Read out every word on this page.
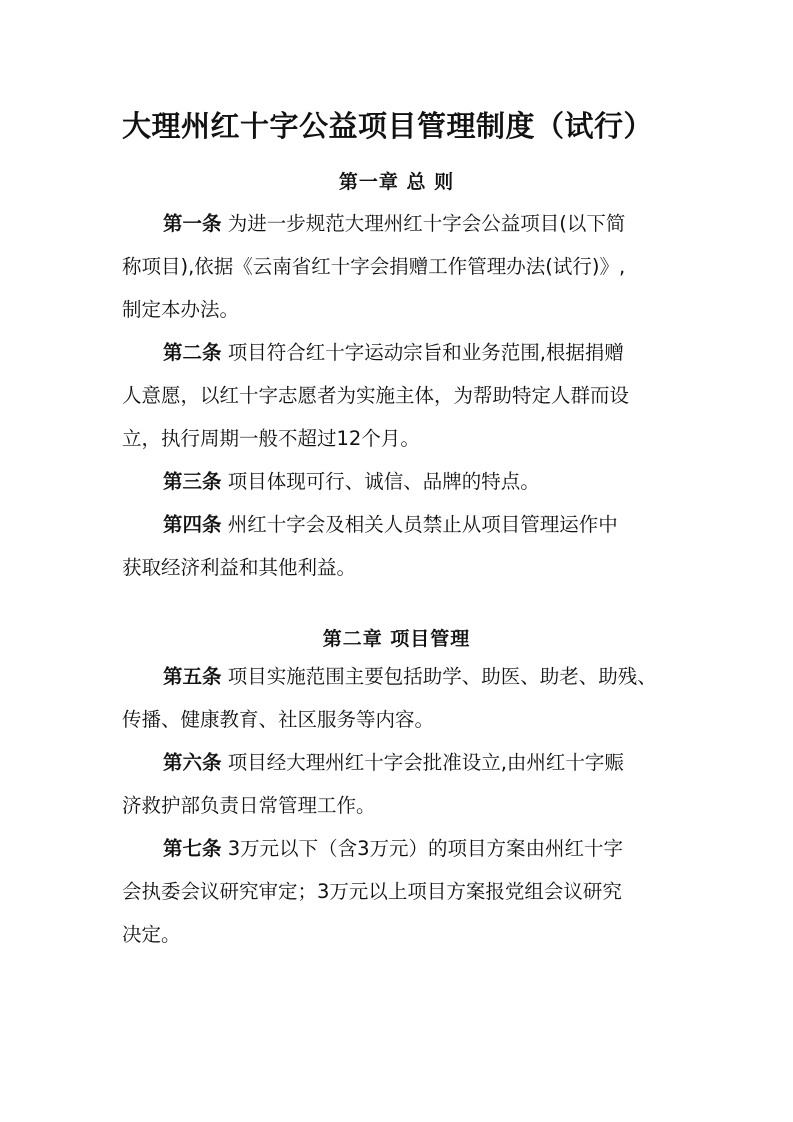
大理州红十字公益项目管理制度（试行）
第一章 总 则
第一条 为进一步规范大理州红十字会公益项目(以下简
称项目),依据《云南省红十字会捐赠工作管理办法(试行)》,
制定本办法。
第二条 项目符合红十字运动宗旨和业务范围,根据捐赠
人意愿，以红十字志愿者为实施主体，为帮助特定人群而设
立，执行周期一般不超过12个月。
第三条 项目体现可行、诚信、品牌的特点。
第四条 州红十字会及相关人员禁止从项目管理运作中
获取经济利益和其他利益。
第二章 项目管理
第五条 项目实施范围主要包括助学、助医、助老、助残、
传播、健康教育、社区服务等内容。
第六条 项目经大理州红十字会批准设立,由州红十字赈
济救护部负责日常管理工作。
第七条 3万元以下（含3万元）的项目方案由州红十字
会执委会议研究审定；3万元以上项目方案报党组会议研究
决定。
